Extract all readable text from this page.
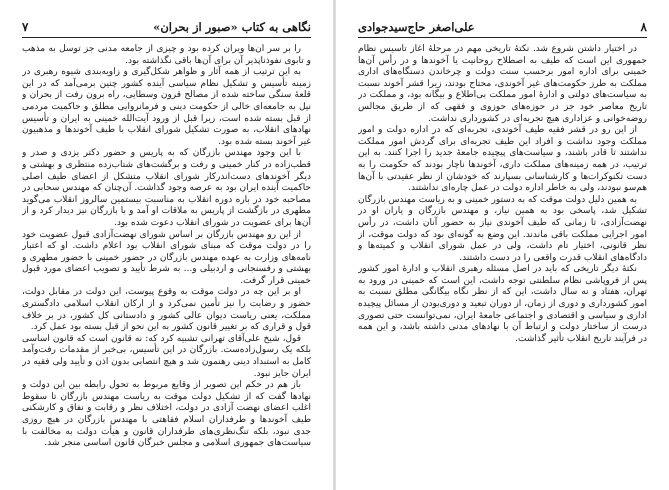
نگاهی به کتاب «صبور از بحران»
۷

را بر سر آن‌ها ویران کرده بود و چیزی از جامعه مدنی جز توسل به مذهب و تابوی نفوذناپذیر آن برای آن‌ها باقی نگذاشته بود.

به این ترتیب از همه آثار و ظواهر شکل‌گیری و زاویه‌بندی شیوه رهبری در زمینه تأسیس و تشکیل نظام سیاسی آینده کشور چنین برمی‌آمد که در این قلعهٔ سنگی ساخته شده از مصالح قرون وسطایی، راه برون رفت از بحران و نیل به جامعه‌ای خالی از حکومت دینی و فرمانروایی مطلق و حاکمیت مردمی از قبل بسته شده است، زیرا قبل از ورود آیت‌الله خمینی به ایران و تأسیس نهادهای انقلاب، به صورت تشکیل شورای انقلاب با طیف آخوندها و مذهبیون غیر آخوند بسته شده بود.

با این وجود مهندس بازرگان که به پاریس و حضور دکتر یزدی و صدر و قطب‌زاده در کنار خمینی و رفت و برگشت‌های شتاب‌زده منتظری و بهشتی و دیگر آخوندهای دست‌اندرکار شورای انقلاب متشکل از اعضای طیف اصلی حاکمیت آینده ایران بود به عرصه وجود گذاشت. آن‌چنان که مهندس سحابی در مصاحبه خود در باره دوره انقلاب به مناسبت بیستمین سالروز انقلاب می‌گوید مطهری در بازگشت از پاریس به ملاقات او آمد و با بازرگان نیز دیدار کرد و از آن‌ها برای عضویت در شورای انقلاب دعوت شده بود.

از این رو مهندس بازرگان بر اساس شورای نهضت‌آزادی قبول عضویت خود را در دولت موقت که مبنای شورای انقلاب بود اعلام داشت. او که اعتبار نامه‌های وزارت به عهده مهندس بازرگان در حضور خمینی با حضور مطهری و بهشتی و رفسنجانی و اردبیلی و... به شرط تأیید و تصویب اعضای مورد قبول خمینی قرار گرفت.

او بر این چه در دولت موقت به وقوع پیوست، این دولت در مقابل دولت، حضور و رضایت را نیز تأمین نمی‌کرد و از ارکان انقلاب اسلامی دادگستری مملکت، یعنی ریاست دیوان عالی کشور و دادستانی کل کشور، در بر خلاف قول و قراری که بر تغییر قانون کشور به این نحو از قبل بسته بود عمل کرد.

قول، شیخ علی‌آقای تهرانی تشبیه‌ کرد که: نه قانون است که قانون اساسی بلکه یک رسول‌زاده‌ست. بازرگان در این تأسیس، بی‌خبر از مقدمات رفت‌وآمد کامل به استبداد دینی رهنمون شد و هیچ انتصابی بدون اذن و تأیید ولی فقیه در ایران جایز نبود.

باز هم در حکم این تصویر از وقایع مربوط به تحول رابطه بین این دولت و نهادها گفت که از تشکیل دولت موقت به ریاست مهندس بازرگان تا سقوط اغلب اعضای نهضت آزادی در دولت، اختلاف نظر و رقابت و نفاق و کارشکنی طیف آخوندها و طرفداران اسلام فقاهتی با مهندس بازرگان در هیچ روزی جدی نبود، بلکه تنگ‌نظری‌های طرفداران قانون و هیأت دولت به مخالفت با سیاست‌های جمهوری اسلامی و مجلس خبرگان قانون اساسی منجر شد.

۸
علی‌اصغر حاج‌سیدجوادی

در اختیار داشتن شروع شد. نکتهٔ تاریخی مهم در مرحلهٔ آغاز تأسیس نظام جمهوری این است که طیف به اصطلاح روحانیت یا آخوندها و در رأس آن‌ها خمینی برای اداره امور برحسب سنت دولت و چرخاندن دستگاه‌های اداری مملکت به طرز حکومت‌های غیر آخوندی، محتاج بودند، زیرا قشر آخوند نسبت به سیاست‌های دولتی و ادارهٔ امور مملکت بی‌اطلاع و بیگانه بود، و مملکت در تاریخ معاصر خود جز در حوزه‌های حوزوی و فقهی که از طریق مجالس روضه‌خوانی و عزاداری هیچ تجربه‌ای در کشورداری نداشت.

از این رو در قشر فقیه طیف آخوندی، تجربه‌ای که در اداره دولت و امور مملکت وجود نداشت و افراد این طیف تجربه‌ای برای گردش امور مملکت نداشتند تا قادر باشند، و سیاست‌های پیچیده جامعهٔ جدید را اجرا کنند. به این ترتیب، در همه زمینه‌های مملکت داری، آخوندها ناچار بودند که حکومت را به دست تکنوکرات‌ها و کارشناسانی بسپارند که خودشان از نظر عقیدتی با آن‌ها هم‌سو نبودند، ولی به خاطر اداره دولت در عمل چاره‌ای نداشتند.

به همین دلیل دولت موقت که به دستور خمینی و به ریاست مهندس بازرگان تشکیل شد، پاسخی بود به همین نیاز، و مهندس بازرگان و یاران او در نهضت‌آزادی، تا زمانی که طیف آخوندی نیاز به حضور آنان داشت، در رأس امور اجرایی مملکت باقی ماندند. این وضع به گونه‌ای بود که دولت موقت، از نظر قانونی، اختیار تام داشت، ولی در عمل شورای انقلاب و کمیته‌ها و دادگاه‌های انقلاب قدرت واقعی را در دست داشتند.

نکتهٔ دیگر تاریخی که باید در اصل مسئله رهبری انقلاب و ادارهٔ امور کشور پس از فروپاشی نظام سلطنتی توجه داشت، این است که خمینی در ورود به تهران، هفتاد و نه سال داشت، این که از نظر نگاه بیگانگی مطلق نسبت به امور کشورداری و دوری از زمان، از دوران تبعید و دوری‌بودن از مسائل پیچیده اداری و سیاسی و اقتصادی و اجتماعی جامعهٔ ایران، نمی‌توانست حتی تصوری درست از ساختار دولت و ارتباط آن با نهادهای مدنی داشته باشد، و این همه در فرآیند تاریخ انقلاب تأثیر گذاشت.
